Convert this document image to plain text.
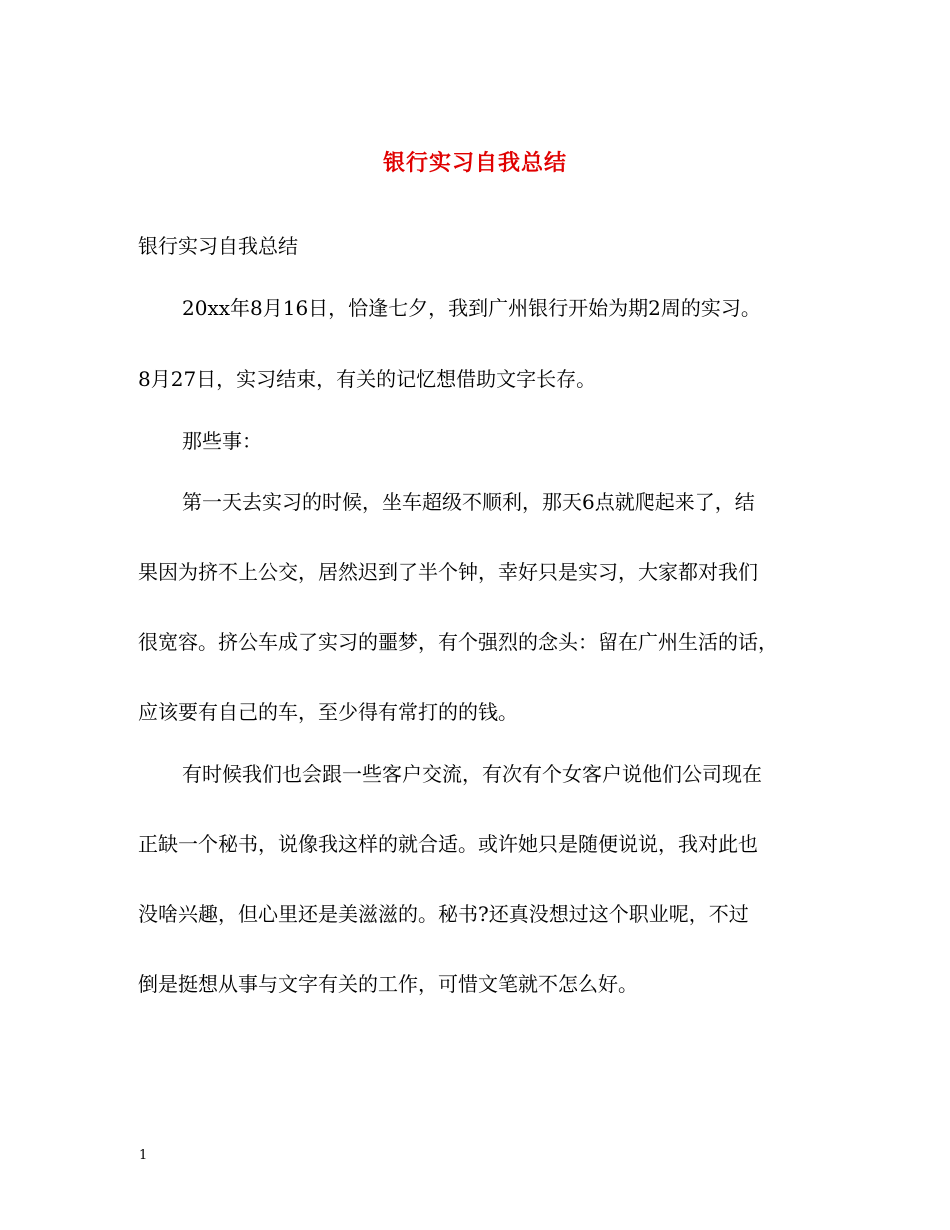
银行实习自我总结
银行实习自我总结
20xx年8月16日，恰逢七夕，我到广州银行开始为期2周的实习。
8月27日，实习结束，有关的记忆想借助文字长存。
那些事：
第一天去实习的时候，坐车超级不顺利，那天6点就爬起来了，结
果因为挤不上公交，居然迟到了半个钟，幸好只是实习，大家都对我们
很宽容。挤公车成了实习的噩梦，有个强烈的念头：留在广州生活的话，
应该要有自己的车，至少得有常打的的钱。
有时候我们也会跟一些客户交流，有次有个女客户说他们公司现在
正缺一个秘书，说像我这样的就合适。或许她只是随便说说，我对此也
没啥兴趣，但心里还是美滋滋的。秘书?还真没想过这个职业呢，不过
倒是挺想从事与文字有关的工作，可惜文笔就不怎么好。
1
